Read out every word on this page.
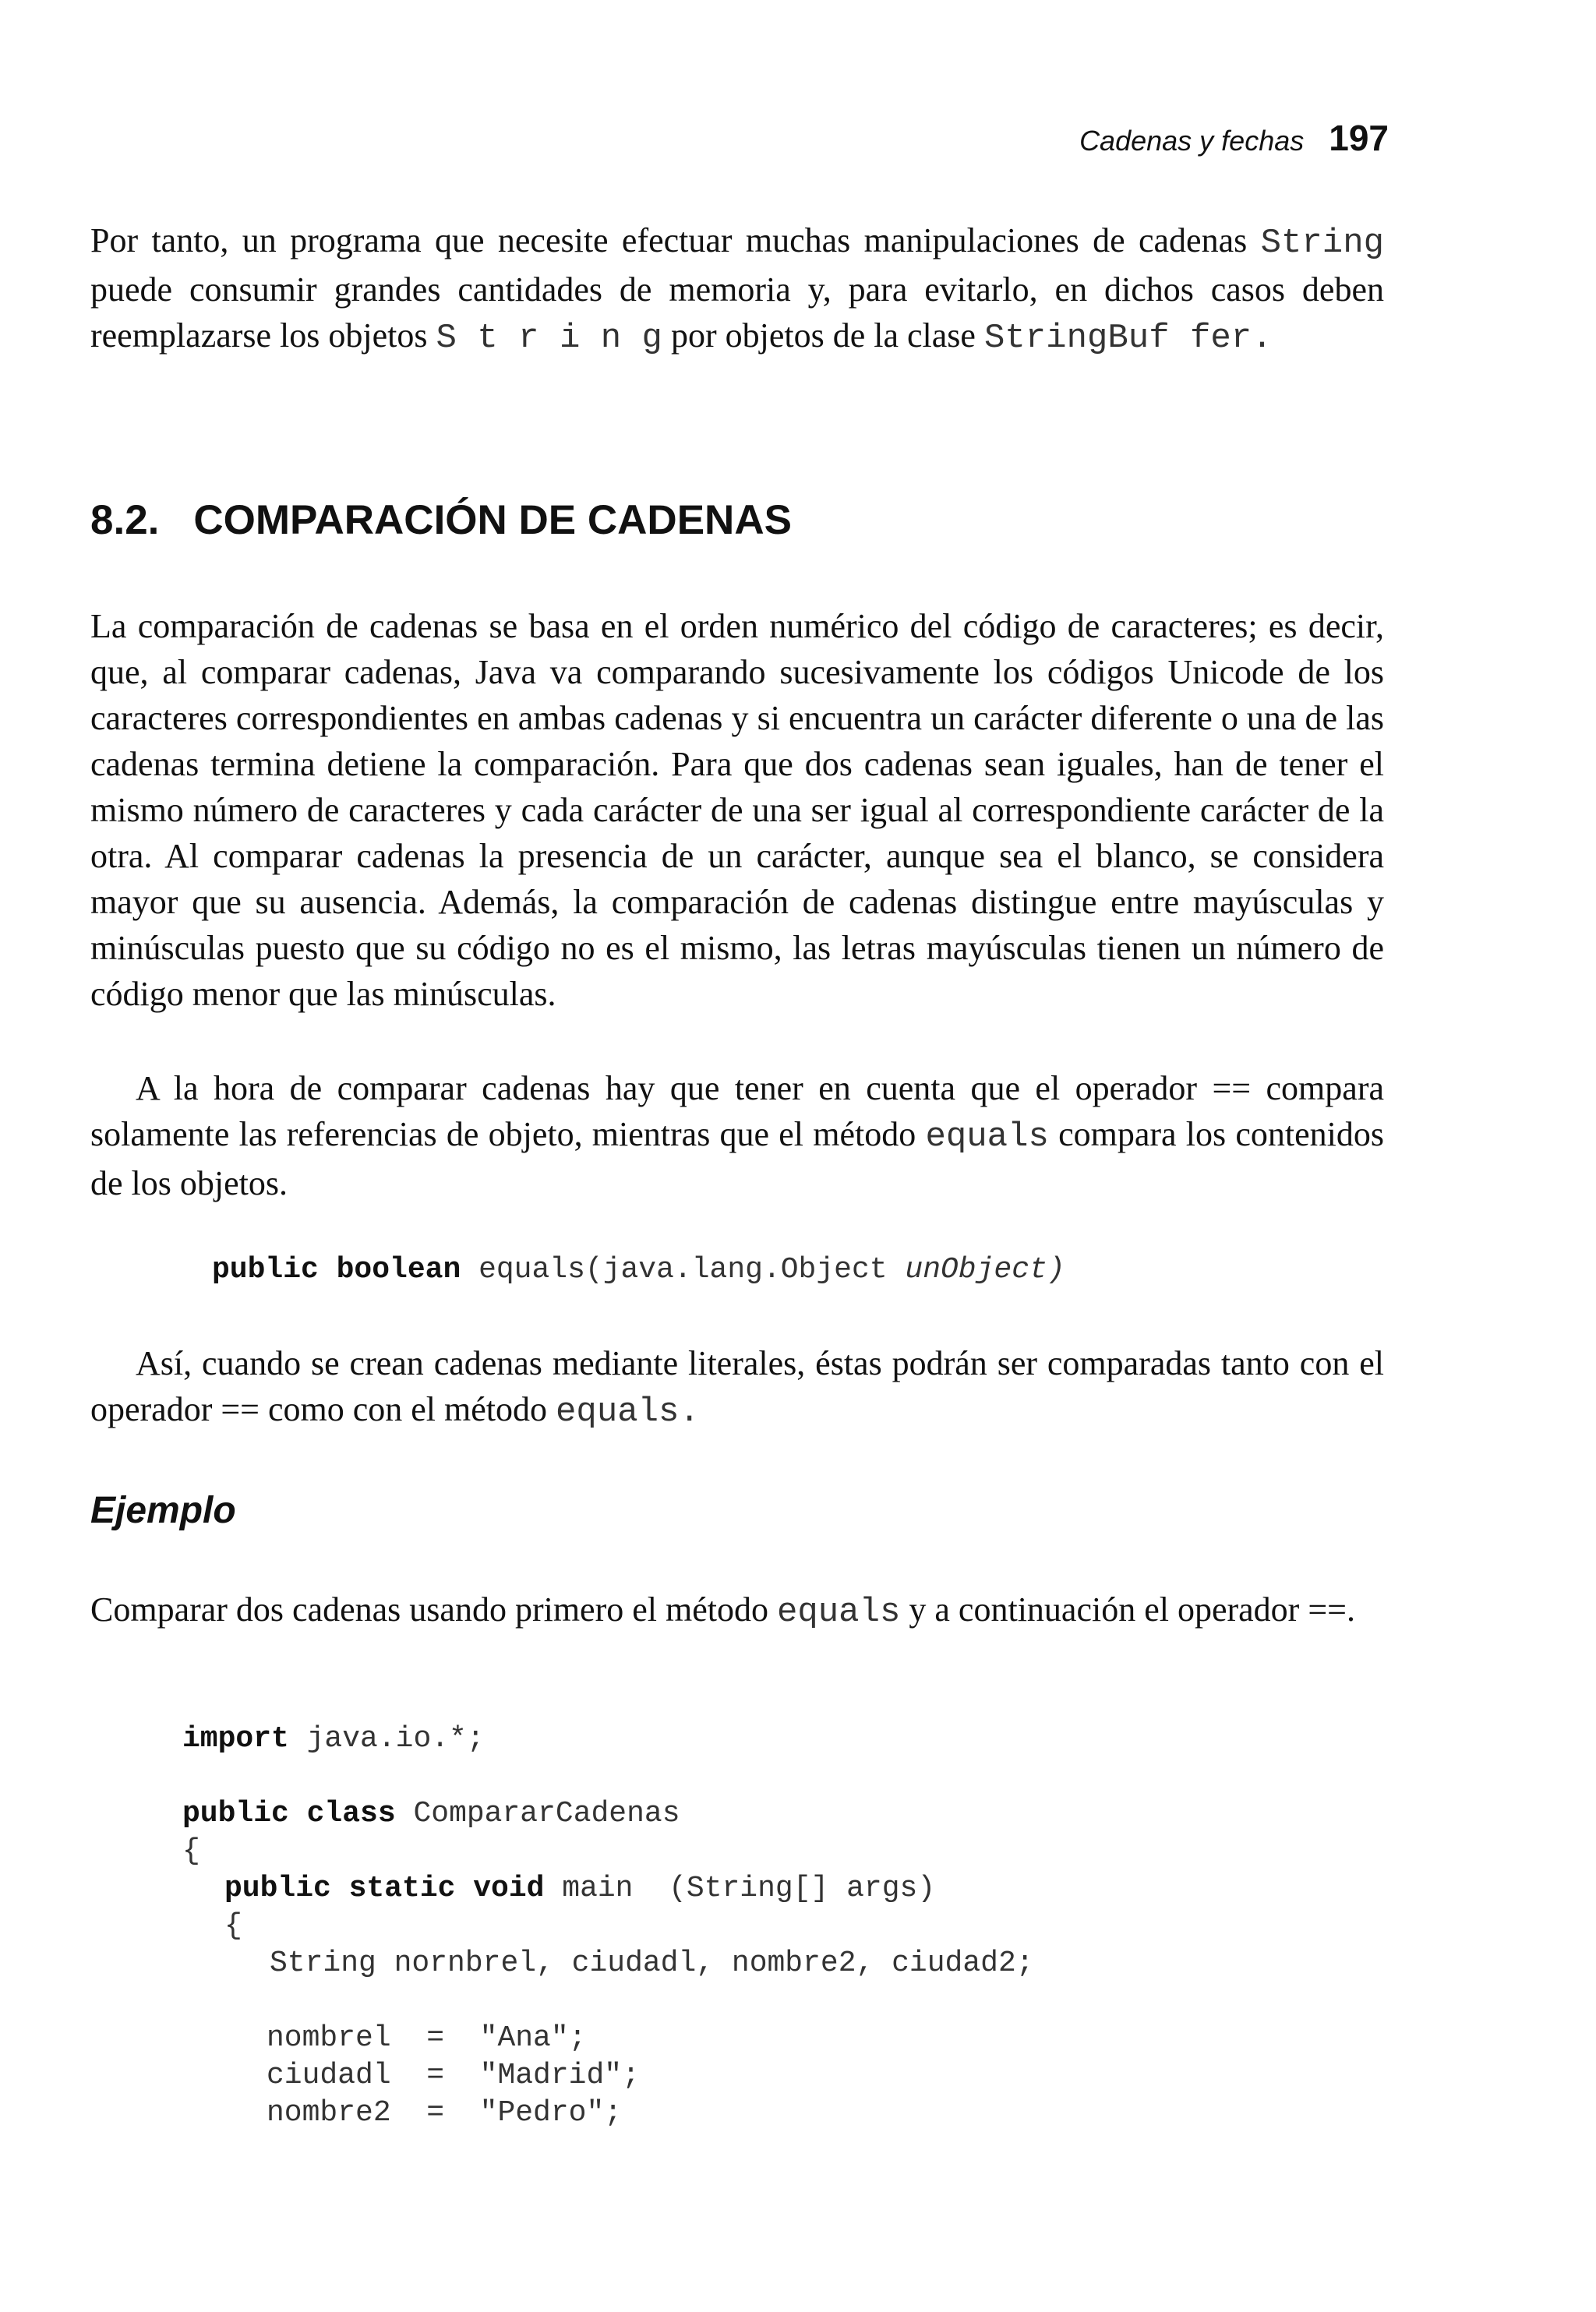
Cadenas y fechas 197

Por tanto, un programa que necesite efectuar muchas manipulaciones de cadenas String puede consumir grandes cantidades de memoria y, para evitarlo, en dichos casos deben reemplazarse los objetos S t r i n g por objetos de la clase StringBuf fer.

8.2. COMPARACIÓN DE CADENAS

La comparación de cadenas se basa en el orden numérico del código de caracteres; es decir, que, al comparar cadenas, Java va comparando sucesivamente los códigos Unicode de los caracteres correspondientes en ambas cadenas y si encuentra un carácter diferente o una de las cadenas termina detiene la comparación. Para que dos cadenas sean iguales, han de tener el mismo número de caracteres y cada carácter de una ser igual al correspondiente carácter de la otra. Al comparar cadenas la presencia de un carácter, aunque sea el blanco, se considera mayor que su ausencia. Además, la comparación de cadenas distingue entre mayúsculas y minúsculas puesto que su código no es el mismo, las letras mayúsculas tienen un número de código menor que las minúsculas.

A la hora de comparar cadenas hay que tener en cuenta que el operador == compara solamente las referencias de objeto, mientras que el método equals compara los contenidos de los objetos.

public boolean equals(java.lang.Object unObject)

Así, cuando se crean cadenas mediante literales, éstas podrán ser comparadas tanto con el operador == como con el método equals.

Ejemplo

Comparar dos cadenas usando primero el método equals y a continuación el operador ==.

import java.io.*;
public class CompararCadenas
{
public static void main  (String[] args)
{
String nornbrel, ciudadl, nombre2, ciudad2;
nombrel  =  "Ana";
ciudadl  =  "Madrid";
nombre2  =  "Pedro";
